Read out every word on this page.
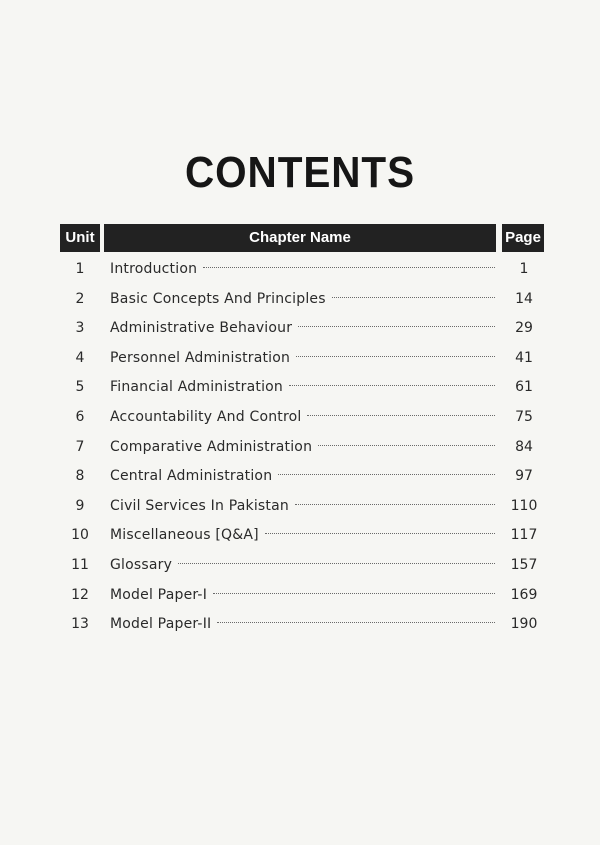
CONTENTS
Unit	Chapter Name	Page
1	Introduction	1
2	Basic Concepts And Principles	14
3	Administrative Behaviour	29
4	Personnel Administration	41
5	Financial Administration	61
6	Accountability And Control	75
7	Comparative Administration	84
8	Central Administration	97
9	Civil Services In Pakistan	110
10	Miscellaneous [Q&A]	117
11	Glossary	157
12	Model Paper-I	169
13	Model Paper-II	190
